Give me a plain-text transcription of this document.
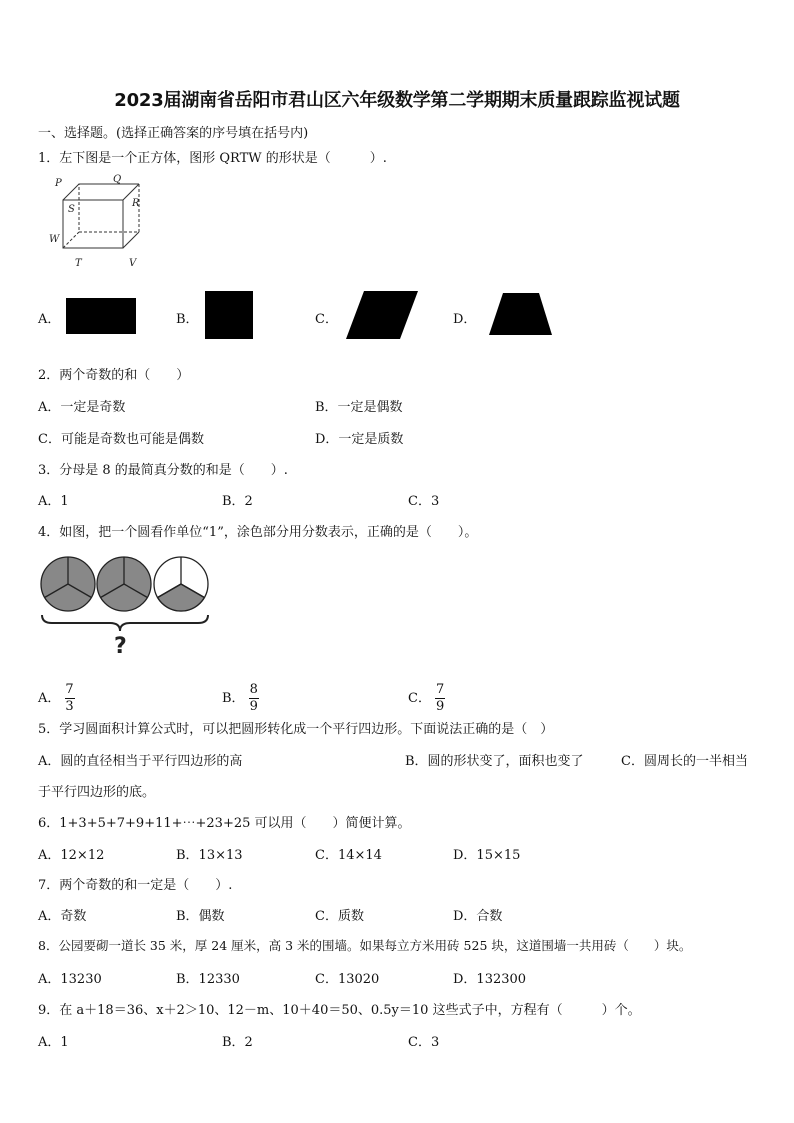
2023届湖南省岳阳市君山区六年级数学第二学期期末质量跟踪监视试题
一、选择题。(选择正确答案的序号填在括号内)
1．左下图是一个正方体，图形 QRTW 的形状是（　　　）.
P	Q
R
S
W
T	V
A．	B．	C．	D．
2．两个奇数的和（　　）
A．一定是奇数	B．一定是偶数
C．可能是奇数也可能是偶数	D．一定是质数
3．分母是 8 的最简真分数的和是（　　）.
A．1	B．2	C．3
4．如图，把一个圆看作单位“1”，涂色部分用分数表示，正确的是（　　）。
?
A． $\frac{7}{3}$	B． $\frac{8}{9}$	C． $\frac{7}{9}$
5．学习圆面积计算公式时，可以把圆形转化成一个平行四边形。下面说法正确的是（　）
A．圆的直径相当于平行四边形的高	B．圆的形状变了，面积也变了	C．圆周长的一半相当
于平行四边形的底。
6．1+3+5+7+9+11+⋯+23+25 可以用（　　）简便计算。
A．12×12	B．13×13	C．14×14	D．15×15
7．两个奇数的和一定是（　　）.
A．奇数	B．偶数	C．质数	D．合数
8．公园要砌一道长 35 米，厚 24 厘米，高 3 米的围墙。如果每立方米用砖 525 块，这道围墙一共用砖（　　）块。
A．13230	B．12330	C．13020	D．132300
9．在 a＋18＝36、x＋2＞10、12－m、10＋40＝50、0.5y＝10 这些式子中，方程有（　　　）个。
A．1	B．2	C．3
